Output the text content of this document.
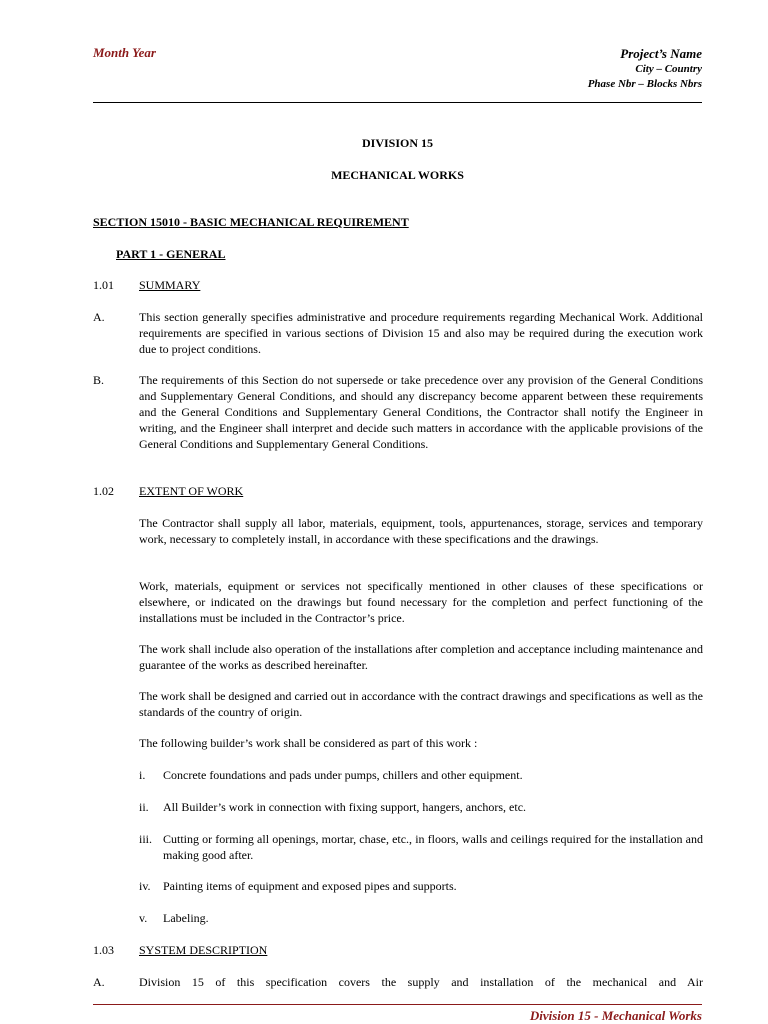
Month Year	Project’s Name
City – Country
Phase Nbr – Blocks Nbrs
DIVISION 15
MECHANICAL WORKS
SECTION 15010 - BASIC MECHANICAL REQUIREMENT
PART 1 - GENERAL
1.01 SUMMARY
A.	This section generally specifies administrative and procedure requirements regarding Mechanical Work. Additional requirements are specified in various sections of Division 15 and also may be required during the execution work due to project conditions.
B.	The requirements of this Section do not supersede or take precedence over any provision of the General Conditions and Supplementary General Conditions, and should any discrepancy become apparent between these requirements and the General Conditions and Supplementary General Conditions, the Contractor shall notify the Engineer in writing, and the Engineer shall interpret and decide such matters in accordance with the applicable provisions of the General Conditions and Supplementary General Conditions.
1.02 EXTENT OF WORK
The Contractor shall supply all labor, materials, equipment, tools, appurtenances, storage, services and temporary work, necessary to completely install, in accordance with these specifications and the drawings.
Work, materials, equipment or services not specifically mentioned in other clauses of these specifications or elsewhere, or indicated on the drawings but found necessary for the completion and perfect functioning of the installations must be included in the Contractor’s price.
The work shall include also operation of the installations after completion and acceptance including maintenance and guarantee of the works as described hereinafter.
The work shall be designed and carried out in accordance with the contract drawings and specifications as well as the standards of the country of origin.
The following builder’s work shall be considered as part of this work :
i.	Concrete foundations and pads under pumps, chillers and other equipment.
ii.	All Builder’s work in connection with fixing support, hangers, anchors, etc.
iii. Cutting or forming all openings, mortar, chase, etc., in floors, walls and ceilings required for the installation and making good after.
iv.	Painting items of equipment and exposed pipes and supports.
v.	Labeling.
1.03 SYSTEM DESCRIPTION
A.	Division 15 of this specification covers the supply and installation of the mechanical and Air
Division 15 - Mechanical Works
